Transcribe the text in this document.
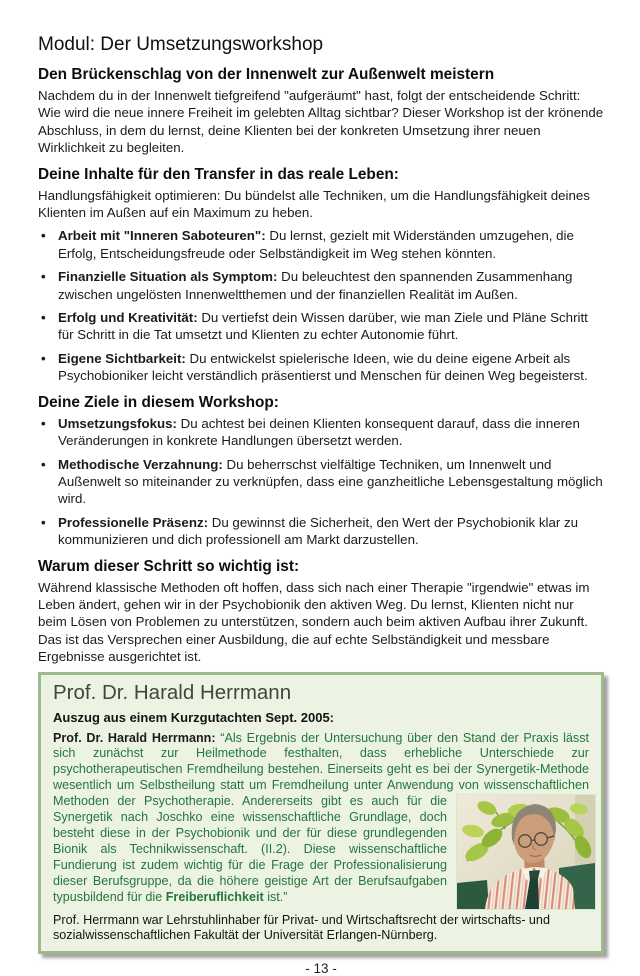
Modul: Der Umsetzungsworkshop
Den Brückenschlag von der Innenwelt zur Außenwelt meistern

Nachdem du in der Innenwelt tiefgreifend "aufgeräumt" hast, folgt der entscheidende Schritt: Wie wird die neue innere Freiheit im gelebten Alltag sichtbar? Dieser Workshop ist der krönende Abschluss, in dem du lernst, deine Klienten bei der konkreten Umsetzung ihrer neuen Wirklichkeit zu begleiten.

Deine Inhalte für den Transfer in das reale Leben:

Handlungsfähigkeit optimieren: Du bündelst alle Techniken, um die Handlungsfähigkeit deines Klienten im Außen auf ein Maximum zu heben.

• Arbeit mit "Inneren Saboteuren": Du lernst, gezielt mit Widerständen umzugehen, die Erfolg, Entscheidungsfreude oder Selbständigkeit im Weg stehen könnten.
• Finanzielle Situation als Symptom: Du beleuchtest den spannenden Zusammenhang zwischen ungelösten Innenweltthemen und der finanziellen Realität im Außen.
• Erfolg und Kreativität: Du vertiefst dein Wissen darüber, wie man Ziele und Pläne Schritt für Schritt in die Tat umsetzt und Klienten zu echter Autonomie führt.
• Eigene Sichtbarkeit: Du entwickelst spielerische Ideen, wie du deine eigene Arbeit als Psychobioniker leicht verständlich präsentierst und Menschen für deinen Weg begeisterst.
Deine Ziele in diesem Workshop:
• Umsetzungsfokus: Du achtest bei deinen Klienten konsequent darauf, dass die inneren Veränderungen in konkrete Handlungen übersetzt werden.
• Methodische Verzahnung: Du beherrschst vielfältige Techniken, um Innenwelt und Außenwelt so miteinander zu verknüpfen, dass eine ganzheitliche Lebensgestaltung möglich wird.
• Professionelle Präsenz: Du gewinnst die Sicherheit, den Wert der Psychobionik klar zu kommunizieren und dich professionell am Markt darzustellen.
Warum dieser Schritt so wichtig ist:

Während klassische Methoden oft hoffen, dass sich nach einer Therapie "irgendwie" etwas im Leben ändert, gehen wir in der Psychobionik den aktiven Weg. Du lernst, Klienten nicht nur beim Lösen von Problemen zu unterstützen, sondern auch beim aktiven Aufbau ihrer Zukunft. Das ist das Versprechen einer Ausbildung, die auf echte Selbständigkeit und messbare Ergebnisse ausgerichtet ist.

Prof. Dr. Harald Herrmann

Auszug aus einem Kurzgutachten Sept. 2005:

Prof. Dr. Harald Herrmann: “Als Ergebnis der Untersuchung über den Stand der Praxis lässt sich zunächst zur Heilmethode festhalten, dass erhebliche Unterschiede zur psychotherapeutischen Fremdheilung bestehen. Einerseits geht es bei der Synergetik-Methode wesentlich um Selbstheilung statt um Fremdheilung unter Anwendung von wissenschaftlichen Methoden der Psychotherapie. Andererseits gibt es auch für die Synergetik nach Joschko eine wissenschaftliche Grundlage, doch besteht diese in der Psychobionik und der für diese grundlegenden Bionik als Technikwissenschaft. (II.2). Diese wissenschaftliche Fundierung ist zudem wichtig für die Frage der Professionalisierung dieser Berufsgruppe, da die höhere geistige Art der Berufsaufgaben typusbildend für die Freiberuflichkeit ist.”

Prof. Herrmann war Lehrstuhlinhaber für Privat- und Wirtschaftsrecht der wirtschafts- und sozialwissenschaftlichen Fakultät der Universität Erlangen-Nürnberg.

- 13 -
